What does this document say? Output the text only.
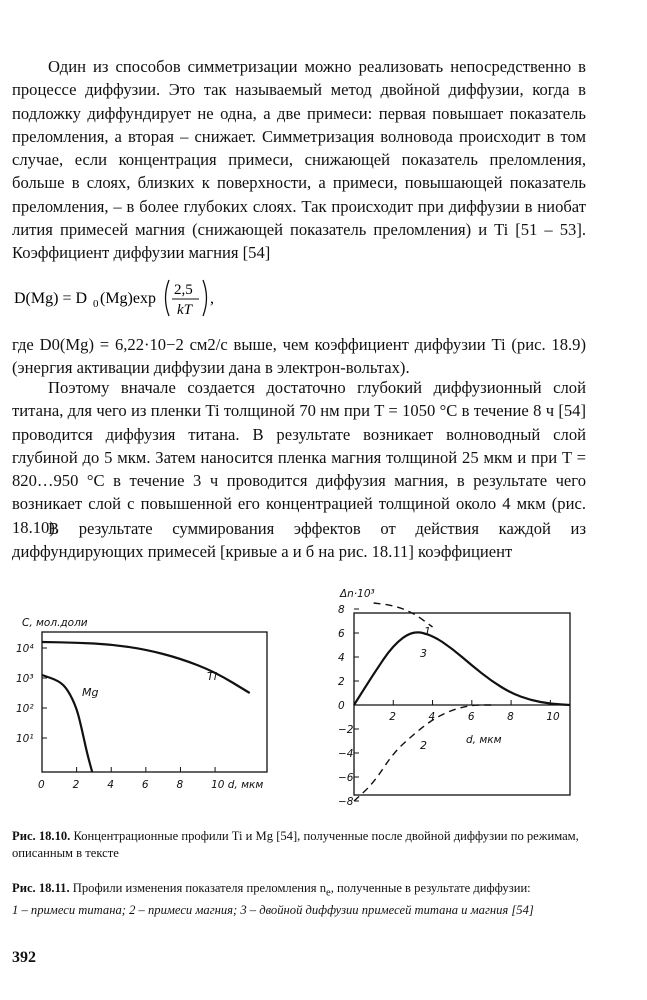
Один из способов симметризации можно реализовать непосредственно в процессе диффузии. Это так называемый метод двойной диффузии, когда в подложку диффундирует не одна, а две примеси: первая повышает показатель преломления, а вторая – снижает. Симметризация волновода происходит в том случае, если концентрация примеси, снижающей показатель преломления, больше в слоях, близких к поверхности, а примеси, повышающей показатель преломления, – в более глубоких слоях. Так происходит при диффузии в ниобат лития примесей магния (снижающей показатель преломления) и Ti [51 – 53]. Коэффициент диффузии магния [54]

D(Mg) = D 0 (Mg)exp 2,5
kT
,

где D0(Mg) = 6,22·10−2 см2/с выше, чем коэффициент диффузии Ti (рис. 18.9) (энергия активации диффузии дана в электрон-вольтах).

Поэтому вначале создается достаточно глубокий диффузионный слой титана, для чего из пленки Ti толщиной 70 нм при T = 1050 °С в течение 8 ч [54] проводится диффузия титана. В результате возникает волноводный слой глубиной до 5 мкм. Затем наносится пленка магния толщиной 25 мкм и при T = 820…950 °С в течение 3 ч проводится диффузия магния, в результате чего возникает слой с повышенной его концентрацией толщиной около 4 мкм (рис. 18.10).

В результате суммирования эффектов от действия каждой из диффундирующих примесей [кривые а и б на рис. 18.11] коэффициент

C, мол.доли
10⁴
10³
10²
10¹
0	2	4	6	8	10 d, мкм
Ti
Mg
Δn·10³
d, мкм
8
6
4
2
0
−2
−4
−6
−8
2	4	6	8	10
1
2
3

Рис. 18.10. Концентрационные профили Ti и Mg [54], полученные после двойной диффузии по режимам, описанным в тексте

Рис. 18.11. Профили изменения показателя преломления $n_e$, полученные в результате диффузии:
1 – примеси титана; 2 – примеси магния; 3 – двойной диффузии примесей титана и магния [54]

392
